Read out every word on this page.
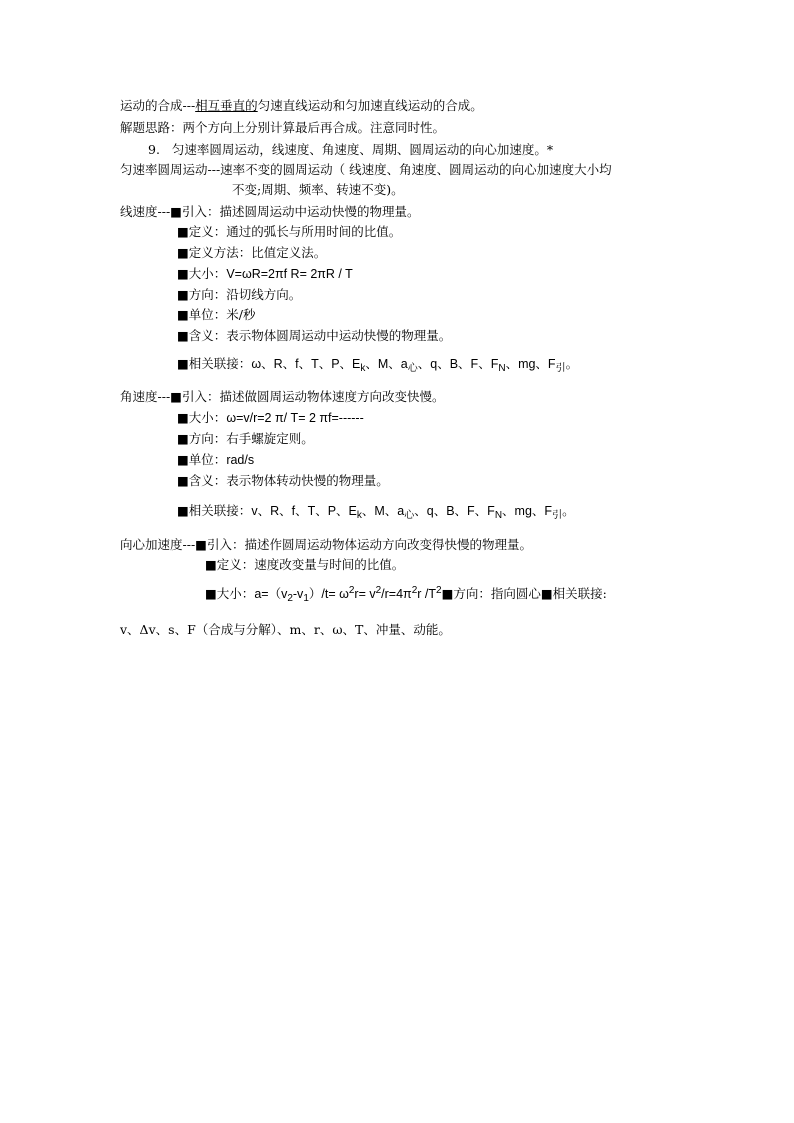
运动的合成---相互垂直的匀速直线运动和匀加速直线运动的合成。
解题思路：两个方向上分别计算最后再合成。注意同时性。
9. 匀速率圆周运动，线速度、角速度、周期、圆周运动的向心加速度。*
匀速率圆周运动---速率不变的圆周运动（ 线速度、角速度、圆周运动的向心加速度大小均
不变;周期、频率、转速不变)。
线速度---■引入：描述圆周运动中运动快慢的物理量。
■定义：通过的弧长与所用时间的比值。
■定义方法：比值定义法。
■大小：V=ωR=2πf R= 2πR / T
■方向：沿切线方向。
■单位：米/秒
■含义：表示物体圆周运动中运动快慢的物理量。
■相关联接：ω、R、f、T、P、$E_k$、M、$a_心$、q、B、F、$F_N$、mg、$F_引$。
角速度---■引入：描述做圆周运动物体速度方向改变快慢。
■大小：ω=v/r=2 π/ T= 2 πf=------
■方向：右手螺旋定则。
■单位：rad/s
■含义：表示物体转动快慢的物理量。
■相关联接：v、R、f、T、P、$E_k$、M、$a_心$、q、B、F、$F_N$、mg、$F_引$。
向心加速度---■引入：描述作圆周运动物体运动方向改变得快慢的物理量。
■定义：速度改变量与时间的比值。
■大小：$a=(v_2-v_1)/t= \omega^2r= v^2/r=4\pi^2r$ $/T^2■$方向：指向圆心■相关联接:
v、Δv、s、F（合成与分解）、m、r、ω、T、冲量、动能。
